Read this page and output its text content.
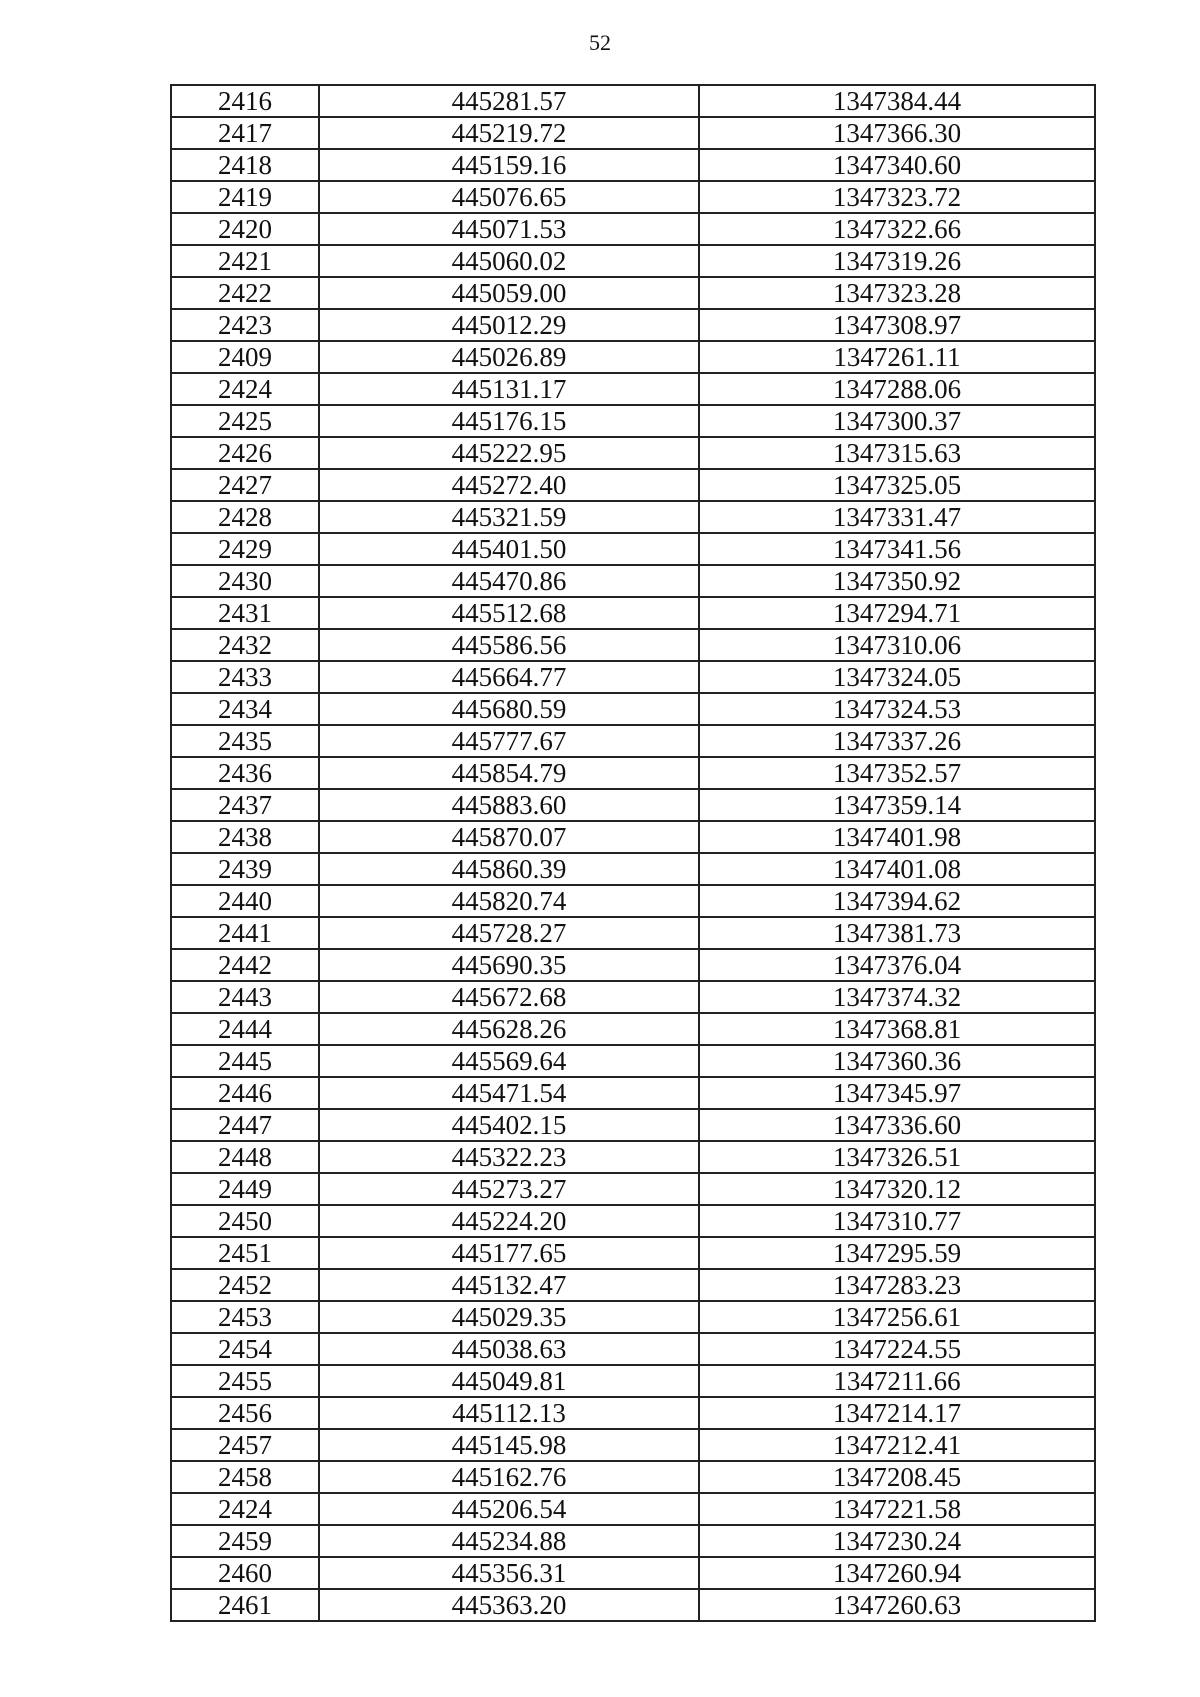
52
2416	445281.57	1347384.44
2417	445219.72	1347366.30
2418	445159.16	1347340.60
2419	445076.65	1347323.72
2420	445071.53	1347322.66
2421	445060.02	1347319.26
2422	445059.00	1347323.28
2423	445012.29	1347308.97
2409	445026.89	1347261.11
2424	445131.17	1347288.06
2425	445176.15	1347300.37
2426	445222.95	1347315.63
2427	445272.40	1347325.05
2428	445321.59	1347331.47
2429	445401.50	1347341.56
2430	445470.86	1347350.92
2431	445512.68	1347294.71
2432	445586.56	1347310.06
2433	445664.77	1347324.05
2434	445680.59	1347324.53
2435	445777.67	1347337.26
2436	445854.79	1347352.57
2437	445883.60	1347359.14
2438	445870.07	1347401.98
2439	445860.39	1347401.08
2440	445820.74	1347394.62
2441	445728.27	1347381.73
2442	445690.35	1347376.04
2443	445672.68	1347374.32
2444	445628.26	1347368.81
2445	445569.64	1347360.36
2446	445471.54	1347345.97
2447	445402.15	1347336.60
2448	445322.23	1347326.51
2449	445273.27	1347320.12
2450	445224.20	1347310.77
2451	445177.65	1347295.59
2452	445132.47	1347283.23
2453	445029.35	1347256.61
2454	445038.63	1347224.55
2455	445049.81	1347211.66
2456	445112.13	1347214.17
2457	445145.98	1347212.41
2458	445162.76	1347208.45
2424	445206.54	1347221.58
2459	445234.88	1347230.24
2460	445356.31	1347260.94
2461	445363.20	1347260.63
